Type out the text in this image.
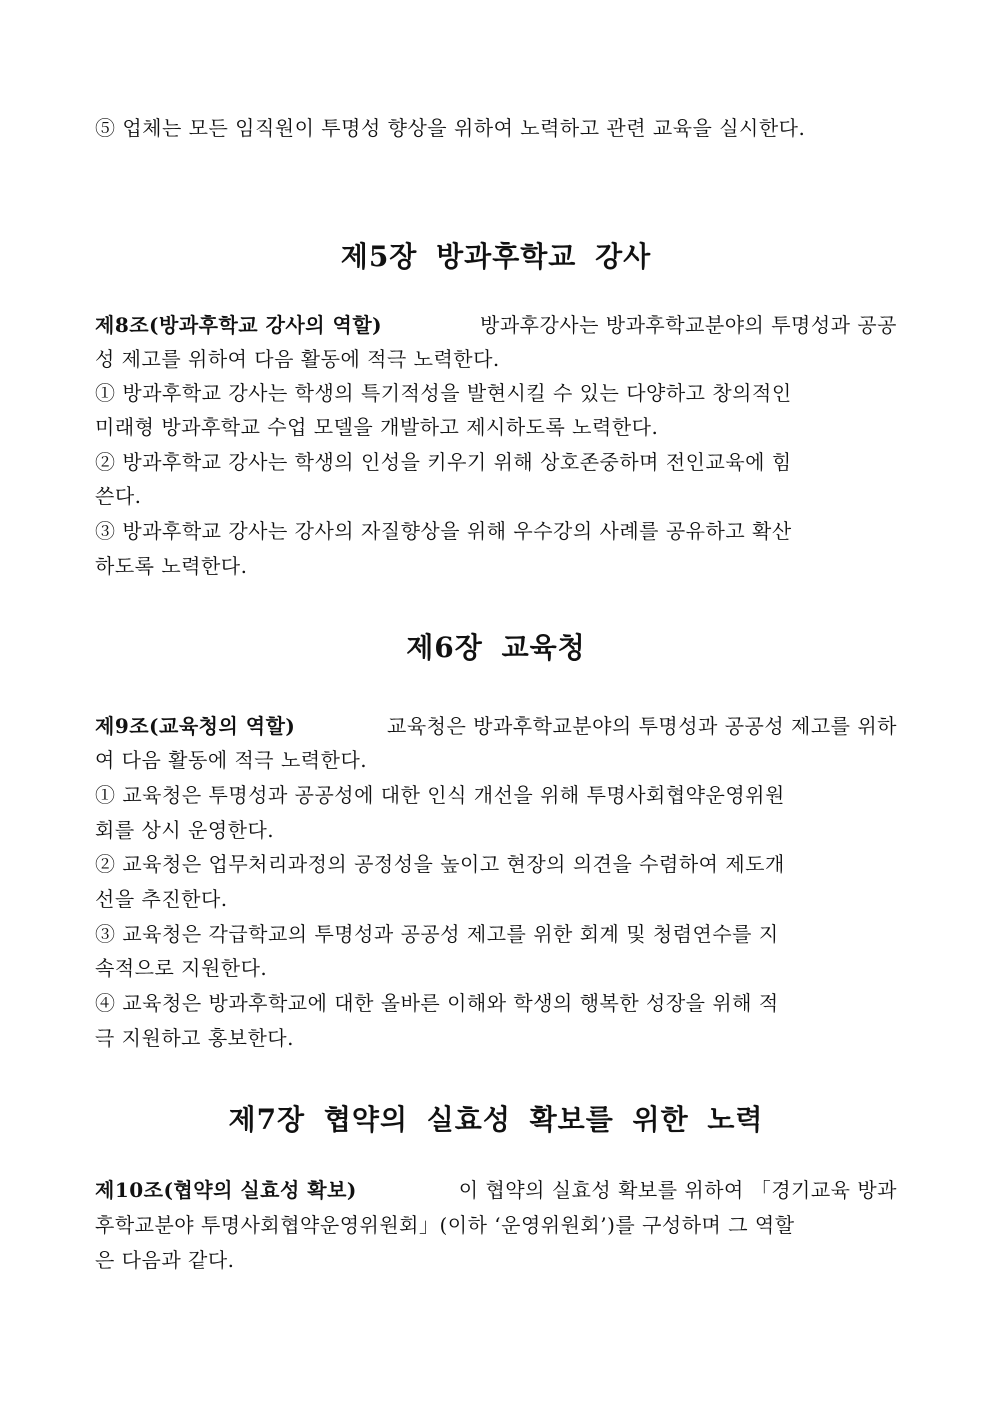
⑤ 업체는 모든 임직원이 투명성 향상을 위하여 노력하고 관련 교육을 실시한다.
제5장 방과후학교 강사
제8조(방과후학교 강사의 역할)	방과후강사는 방과후학교분야의 투명성과 공공
성 제고를 위하여 다음 활동에 적극 노력한다.
① 방과후학교 강사는 학생의 특기적성을 발현시킬 수 있는 다양하고 창의적인
미래형 방과후학교 수업 모델을 개발하고 제시하도록 노력한다.
② 방과후학교 강사는 학생의 인성을 키우기 위해 상호존중하며 전인교육에 힘
쓴다.
③ 방과후학교 강사는 강사의 자질향상을 위해 우수강의 사례를 공유하고 확산
하도록 노력한다.
제6장 교육청
제9조(교육청의 역할)	교육청은 방과후학교분야의 투명성과 공공성 제고를 위하
여 다음 활동에 적극 노력한다.
① 교육청은 투명성과 공공성에 대한 인식 개선을 위해 투명사회협약운영위원
회를 상시 운영한다.
② 교육청은 업무처리과정의 공정성을 높이고 현장의 의견을 수렴하여 제도개
선을 추진한다.
③ 교육청은 각급학교의 투명성과 공공성 제고를 위한 회계 및 청렴연수를 지
속적으로 지원한다.
④ 교육청은 방과후학교에 대한 올바른 이해와 학생의 행복한 성장을 위해 적
극 지원하고 홍보한다.
제7장 협약의 실효성 확보를 위한 노력
제10조(협약의 실효성 확보)	이 협약의 실효성 확보를 위하여 「경기교육 방과
후학교분야 투명사회협약운영위원회」(이하 ‘운영위원회’)를 구성하며 그 역할
은 다음과 같다.
